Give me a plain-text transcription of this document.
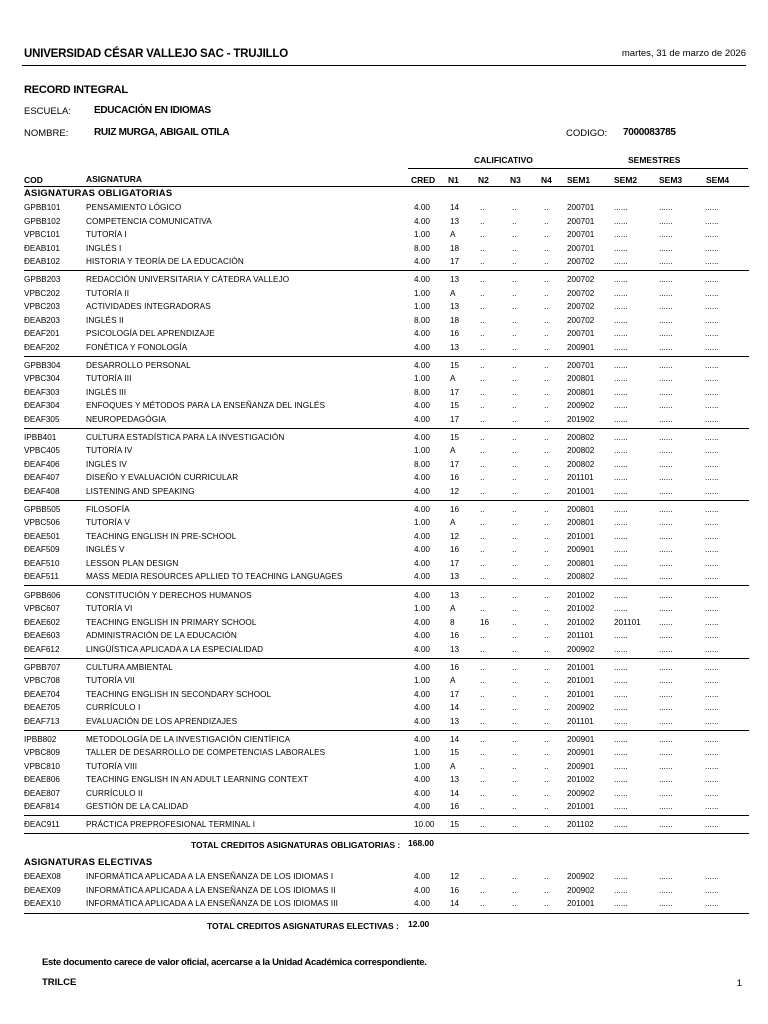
UNIVERSIDAD CÉSAR VALLEJO SAC - TRUJILLO	martes, 31 de marzo de 2026
RECORD INTEGRAL
ESCUELA: EDUCACIÓN EN IDIOMAS
NOMBRE:	RUIZ MURGA, ABIGAIL OTILA	CODIGO: 7000083785
CALIFICATIVO	SEMESTRES
COD	ASIGNATURA	CRED N1 N2 N3 N4 SEM1	SEM2	SEM3	SEM4
ASIGNATURAS OBLIGATORIAS
GPBB101	PENSAMIENTO LÓGICO	4.00 14	..	..	.. 200701 ......	......	......
GPBB102	COMPETENCIA COMUNICATIVA	4.00 13	..	..	.. 200701 ......	......	......
VPBC101	TUTORÍA I	1.00 A	..	..	.. 200701 ......	......	......
ÐEAB101	INGLÉS I	8.00 18	..	..	.. 200701 ......	......	......
ÐEAB102	HISTORIA Y TEORÍA DE LA EDUCACIÓN	4.00 17	..	..	.. 200702 ......	......	......
GPBB203	REDACCIÓN UNIVERSITARIA Y CÁTEDRA VALLEJO	4.00 13	..	..	.. 200702 ......	......	......
VPBC202	TUTORÍA II	1.00 A	..	..	.. 200702 ......	......	......
VPBC203	ACTIVIDADES INTEGRADORAS	1.00 13	..	..	.. 200702 ......	......	......
ÐEAB203	INGLÉS II	8.00 18	..	..	.. 200702 ......	......	......
ÐEAF201	PSICOLOGÍA DEL APRENDIZAJE	4.00 16	..	..	.. 200701 ......	......	......
ÐEAF202	FONÉTICA Y FONOLOGÍA	4.00 13	..	..	.. 200901 ......	......	......
GPBB304	DESARROLLO PERSONAL	4.00 15	..	..	.. 200701 ......	......	......
VPBC304	TUTORÍA III	1.00 A	..	..	.. 200801 ......	......	......
ÐEAF303	INGLÉS III	8.00 17	..	..	.. 200801 ......	......	......
ÐEAF304	ENFOQUES Y MÉTODOS PARA LA ENSEÑANZA DEL INGLÉS	4.00 15	..	..	.. 200902 ......	......	......
ÐEAF305	NEUROPEDAGÓGIA	4.00 17	..	..	.. 201902 ......	......	......
IPBB401	CULTURA ESTADÍSTICA PARA LA INVESTIGACIÓN	4.00 15	..	..	.. 200802 ......	......	......
VPBC405	TUTORÍA IV	1.00 A	..	..	.. 200802 ......	......	......
ÐEAF406	INGLÉS IV	8.00 17	..	..	.. 200802 ......	......	......
ÐEAF407	DISEÑO Y EVALUACIÓN CURRICULAR	4.00 16	..	..	.. 201101 ......	......	......
ÐEAF408	LISTENING AND SPEAKING	4.00 12	..	..	.. 201001 ......	......	......
GPBB505	FILOSOFÍA	4.00 16	..	..	.. 200801 ......	......	......
VPBC506	TUTORÍA V	1.00 A	..	..	.. 200801 ......	......	......
ÐEAE501	TEACHING ENGLISH IN PRE-SCHOOL	4.00 12	..	..	.. 201001 ......	......	......
ÐEAF509	INGLÉS V	4.00 16	..	..	.. 200901 ......	......	......
ÐEAF510	LESSON PLAN DESIGN	4.00 17	..	..	.. 200801 ......	......	......
ÐEAF511	MASS MEDIA RESOURCES APLLIED TO TEACHING LANGUAGES	4.00 13	..	..	.. 200802 ......	......	......
GPBB606	CONSTITUCIÓN Y DERECHOS HUMANOS	4.00 13	..	..	.. 201002 ......	......	......
VPBC607	TUTORÍA VI	1.00 A	..	..	.. 201002 ......	......	......
ÐEAE602	TEACHING ENGLISH IN PRIMARY SCHOOL	4.00 8	16	..	.. 201002 201101 ......	......
ÐEAE603	ADMINISTRACIÓN DE LA EDUCACIÓN	4.00 16	..	..	.. 201101 ......	......	......
ÐEAF612	LINGÜÍSTICA APLICADA A LA ESPECIALIDAD	4.00 13	..	..	.. 200902 ......	......	......
GPBB707	CULTURA AMBIENTAL	4.00 16	..	..	.. 201001 ......	......	......
VPBC708	TUTORÍA VII	1.00 A	..	..	.. 201001 ......	......	......
ÐEAE704	TEACHING ENGLISH IN SECONDARY SCHOOL	4.00 17	..	..	.. 201001 ......	......	......
ÐEAE705	CURRÍCULO I	4.00 14	..	..	.. 200902 ......	......	......
ÐEAF713	EVALUACIÓN DE LOS APRENDIZAJES	4.00 13	..	..	.. 201101 ......	......	......
IPBB802	METODOLOGÍA DE LA INVESTIGACIÓN CIENTÍFICA	4.00 14	..	..	.. 200901 ......	......	......
VPBC809	TALLER DE DESARROLLO DE COMPETENCIAS LABORALES	1.00 15	..	..	.. 200901 ......	......	......
VPBC810	TUTORÍA VIII	1.00 A	..	..	.. 200901 ......	......	......
ÐEAE806	TEACHING ENGLISH IN AN ADULT LEARNING CONTEXT	4.00 13	..	..	.. 201002 ......	......	......
ÐEAE807	CURRÍCULO II	4.00 14	..	..	.. 200902 ......	......	......
ÐEAF814	GESTIÓN DE LA CALIDAD	4.00 16	..	..	.. 201001 ......	......	......
ÐEAC911	PRÁCTICA PREPROFESIONAL TERMINAL I	10.00 15	..	..	.. 201102 ......	......	......
ÐEAEX08	INFORMÁTICA APLICADA A LA ENSEÑANZA DE LOS IDIOMAS I	4.00 12	..	..	.. 200902 ......	......	......
ÐEAEX09	INFORMÁTICA APLICADA A LA ENSEÑANZA DE LOS IDIOMAS II	4.00 16	..	..	.. 200902 ......	......	......
ÐEAEX10	INFORMÁTICA APLICADA A LA ENSEÑANZA DE LOS IDIOMAS III	4.00 14	..	..	.. 201001 ......	......	......
TOTAL CREDITOS ASIGNATURAS OBLIGATORIAS : 168.00
ASIGNATURAS ELECTIVAS
TOTAL CREDITOS ASIGNATURAS ELECTIVAS : 12.00
Este documento carece de valor oficial, acercarse a la Unidad Académica correspondiente.
TRILCE	1
